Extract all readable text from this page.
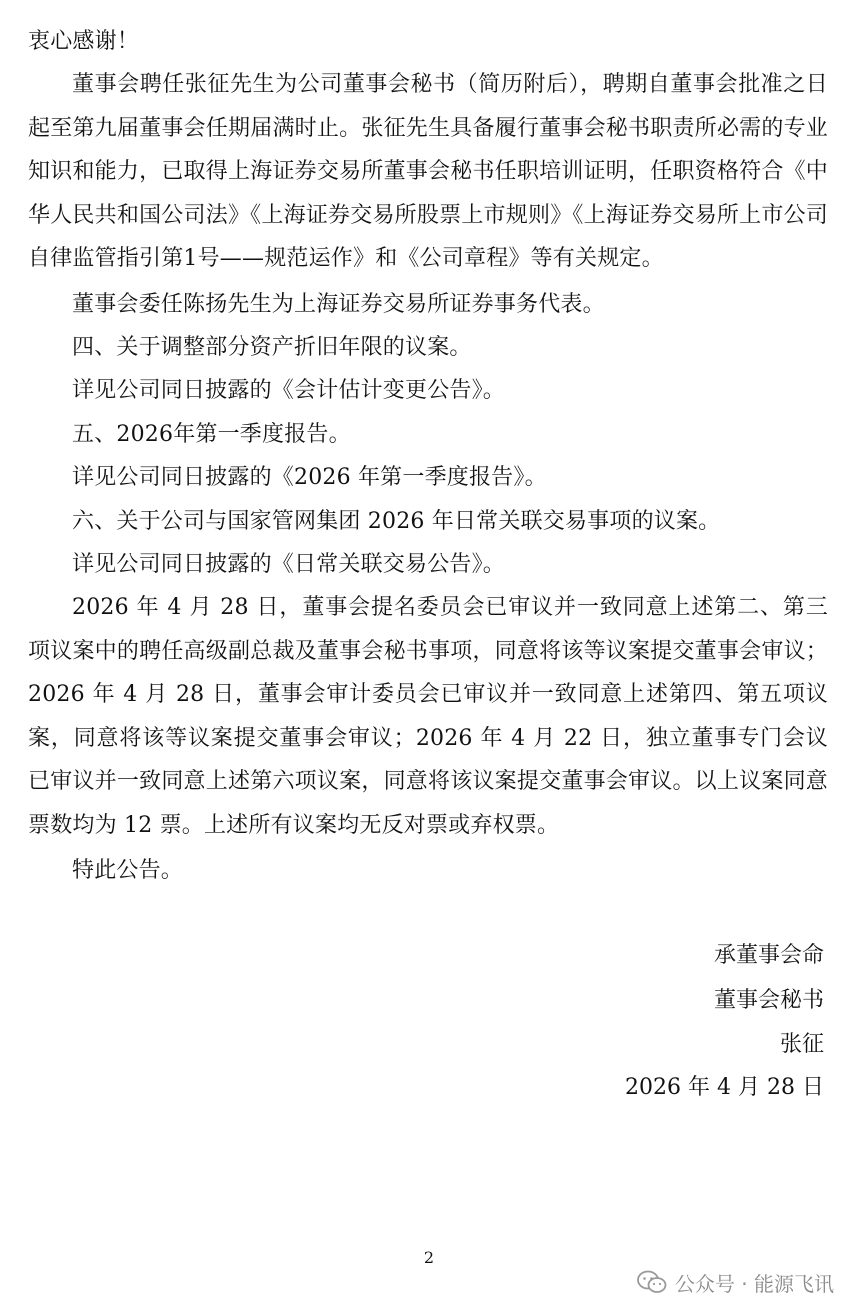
衷心感谢！

董事会聘任张征先生为公司董事会秘书（简历附后），聘期自董事会批准之日起至第九届董事会任期届满时止。张征先生具备履行董事会秘书职责所必需的专业知识和能力，已取得上海证券交易所董事会秘书任职培训证明，任职资格符合《中华人民共和国公司法》《上海证券交易所股票上市规则》《上海证券交易所上市公司自律监管指引第1号——规范运作》和《公司章程》等有关规定。

董事会委任陈扬先生为上海证券交易所证券事务代表。

四、关于调整部分资产折旧年限的议案。

详见公司同日披露的《会计估计变更公告》。

五、2026年第一季度报告。

详见公司同日披露的《2026 年第一季度报告》。

六、关于公司与国家管网集团 2026 年日常关联交易事项的议案。

详见公司同日披露的《日常关联交易公告》。

2026 年 4 月 28 日，董事会提名委员会已审议并一致同意上述第二、第三项议案中的聘任高级副总裁及董事会秘书事项，同意将该等议案提交董事会审议；2026 年 4 月 28 日，董事会审计委员会已审议并一致同意上述第四、第五项议案，同意将该等议案提交董事会审议；2026 年 4 月 22 日，独立董事专门会议已审议并一致同意上述第六项议案，同意将该议案提交董事会审议。以上议案同意票数均为 12 票。上述所有议案均无反对票或弃权票。

特此公告。

承董事会命
董事会秘书
张征
2026 年 4 月 28 日
2
公众号 · 能源飞讯
